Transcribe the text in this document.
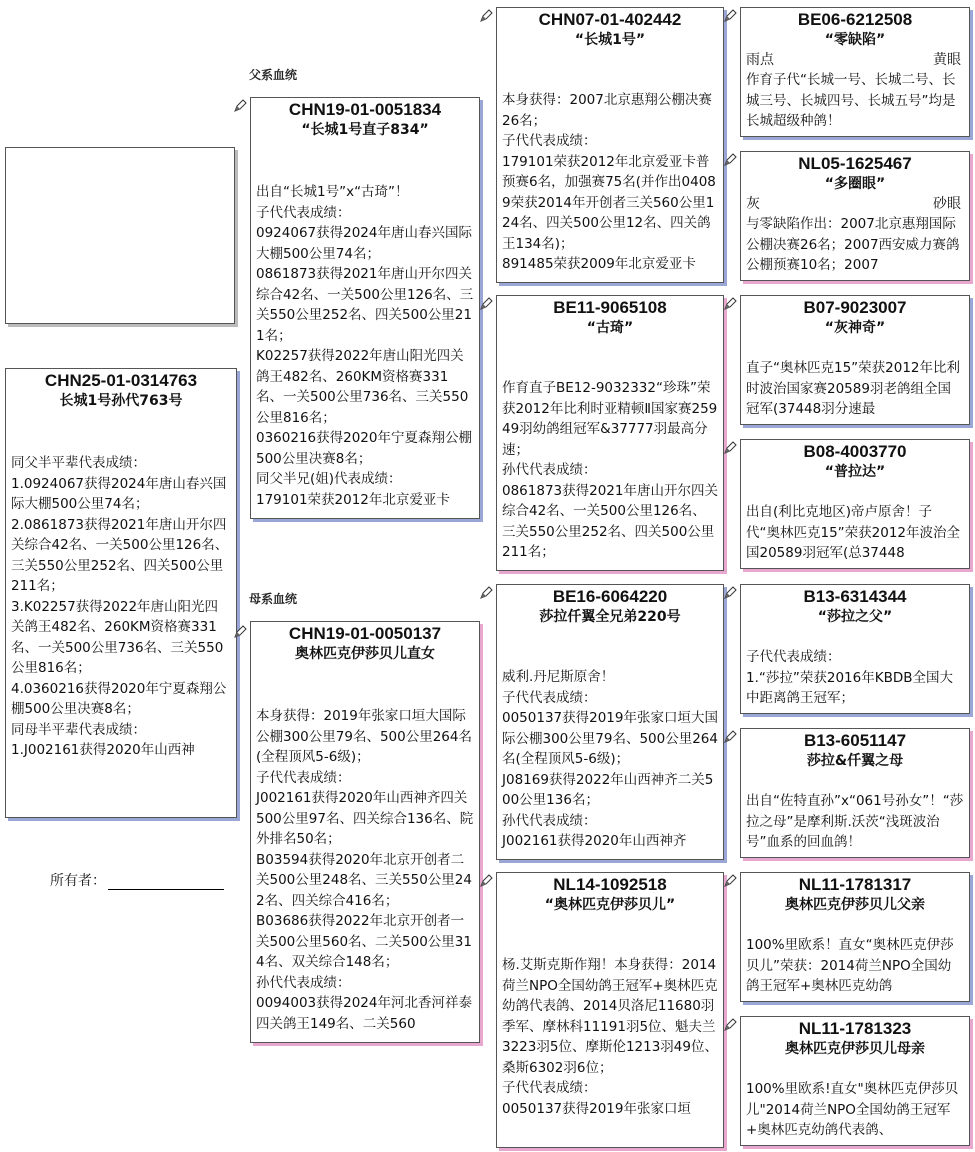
父系血统
母系血统
所有者：
CHN25-01-0314763
长城1号孙代763号
同父半平辈代表成绩：
1.0924067获得2024年唐山春兴国际大棚500公里74名；
2.0861873获得2021年唐山开尔四关综合42名、一关500公里126名、三关550公里252名、四关500公里211名；
3.K02257获得2022年唐山阳光四关鸽王482名、260KM资格赛331名、一关500公里736名、三关550公里816名；
4.0360216获得2020年宁夏森翔公棚500公里决赛8名；
同母半平辈代表成绩：
1.J002161获得2020年山西神
CHN19-01-0051834
“长城1号直子834”
出自“长城1号”x“古琦”！
子代代表成绩：
0924067获得2024年唐山春兴国际大棚500公里74名；
0861873获得2021年唐山开尔四关综合42名、一关500公里126名、三关550公里252名、四关500公里211名；
K02257获得2022年唐山阳光四关鸽王482名、260KM资格赛331名、一关500公里736名、三关550公里816名；
0360216获得2020年宁夏森翔公棚500公里决赛8名；
同父半兄(姐)代表成绩：
179101荣获2012年北京爱亚卡
CHN19-01-0050137
奥林匹克伊莎贝儿直女
本身获得：2019年张家口垣大国际公棚300公里79名、500公里264名(全程顶风5-6级)；
子代代表成绩：
J002161获得2020年山西神齐四关500公里97名、四关综合136名、院外排名50名；
B03594获得2020年北京开创者二关500公里248名、三关550公里242名、四关综合416名；
B03686获得2022年北京开创者一关500公里560名、二关500公里314名、双关综合148名；
孙代代表成绩：
0094003获得2024年河北香河祥泰四关鸽王149名、二关560
CHN07-01-402442
“长城1号”
本身获得：2007北京惠翔公棚决赛26名；
子代代表成绩：
179101荣获2012年北京爱亚卡普预赛6名，加强赛75名(并作出04089荣获2014年开创者三关560公里124名、四关500公里12名、四关鸽王134名)；
891485荣获2009年北京爱亚卡
BE11-9065108
“古琦”
作育直子BE12-9032332“珍珠”荣获2012年比利时亚精顿Ⅱ国家赛25949羽幼鸽组冠军&37777羽最高分速；
孙代代表成绩：
0861873获得2021年唐山开尔四关综合42名、一关500公里126名、三关550公里252名、四关500公里211名；
BE16-6064220
莎拉仟翼全兄弟220号
威利.丹尼斯原舍！
子代代表成绩：
0050137获得2019年张家口垣大国际公棚300公里79名、500公里264名(全程顶风5-6级)；
J08169获得2022年山西神齐二关500公里136名；
孙代代表成绩：
J002161获得2020年山西神齐
NL14-1092518
“奥林匹克伊莎贝儿”
杨.艾斯克斯作翔！本身获得：2014荷兰NPO全国幼鸽王冠军+奥林匹克幼鸽代表鸽、2014贝洛尼11680羽季军、摩林科11191羽5位、魁夫兰3223羽5位、摩斯伦1213羽49位、桑斯6302羽6位；
子代代表成绩：
0050137获得2019年张家口垣
BE06-6212508
“零缺陷”
雨点	黄眼
作育子代“长城一号、长城二号、长城三号、长城四号、长城五号”均是长城超级种鸽！
NL05-1625467
“多圈眼”
灰	砂眼
与零缺陷作出：2007北京惠翔国际公棚决赛26名；2007西安威力赛鸽公棚预赛10名；2007
B07-9023007
“灰神奇”
直子“奥林匹克15”荣获2012年比利时波治国家赛20589羽老鸽组全国冠军(37448羽分速最
B08-4003770
“普拉达”
出自(利比克地区)帝卢原舍！子代“奥林匹克15”荣获2012年波治全国20589羽冠军(总37448
B13-6314344
“莎拉之父”
子代代表成绩：
1.“莎拉”荣获2016年KBDB全国大中距离鸽王冠军；
B13-6051147
莎拉&仟翼之母
出自“佐特直孙”x“061号孙女”！“莎拉之母”是摩利斯.沃茨“浅斑波治号”血系的回血鸽！
NL11-1781317
奥林匹克伊莎贝儿父亲
100%里欧系！直女“奥林匹克伊莎贝儿”荣获：2014荷兰NPO全国幼鸽王冠军+奥林匹克幼鸽
NL11-1781323
奥林匹克伊莎贝儿母亲
100%里欧系!直女"奥林匹克伊莎贝儿"2014荷兰NPO全国幼鸽王冠军+奥林匹克幼鸽代表鸽、
